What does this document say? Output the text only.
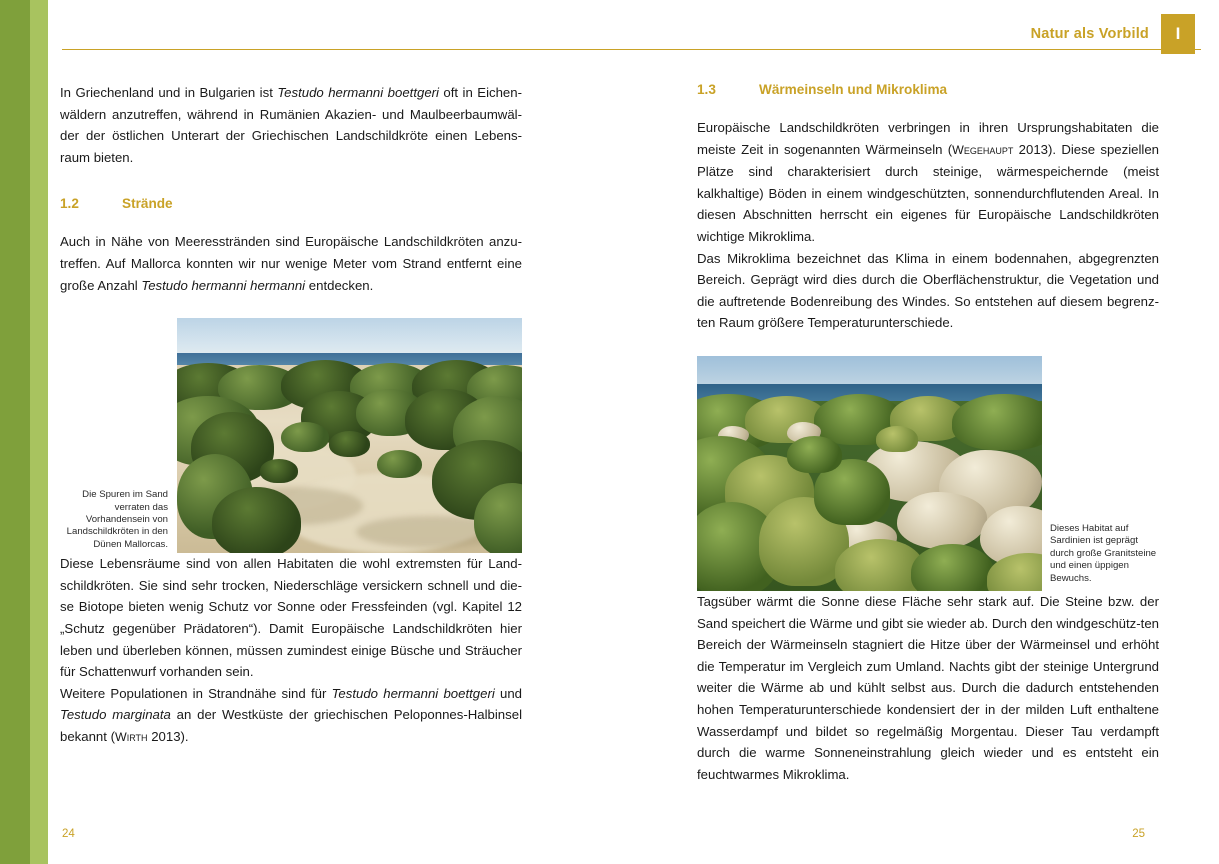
Natur als Vorbild	I

In Griechenland und in Bulgarien ist Testudo hermanni boettgeri oft in Eichen-wäldern anzutreffen, während in Rumänien Akazien- und Maulbeerbaumwäl-der der östlichen Unterart der Griechischen Landschildkröte einen Lebens-raum bieten.

1.2	Strände

Auch in Nähe von Meeresstränden sind Europäische Landschildkröten anzu-treffen. Auf Mallorca konnten wir nur wenige Meter vom Strand entfernt eine große Anzahl Testudo hermanni hermanni entdecken.

Die Spuren im Sand verraten das Vorhandensein von Landschildkröten in den Dünen Mallorcas.

Diese Lebensräume sind von allen Habitaten die wohl extremsten für Land-schildkröten. Sie sind sehr trocken, Niederschläge versickern schnell und die-se Biotope bieten wenig Schutz vor Sonne oder Fressfeinden (vgl. Kapitel 12 „Schutz gegenüber Prädatoren“). Damit Europäische Landschildkröten hier leben und überleben können, müssen zumindest einige Büsche und Sträucher für Schattenwurf vorhanden sein.

Weitere Populationen in Strandnähe sind für Testudo hermanni boettgeri und Testudo marginata an der Westküste der griechischen Peloponnes-Halbinsel bekannt (Wirth 2013).

1.3	Wärmeinseln und Mikroklima

Europäische Landschildkröten verbringen in ihren Ursprungshabitaten die meiste Zeit in sogenannten Wärmeinseln (Wegehaupt 2013). Diese speziellen Plätze sind charakterisiert durch steinige, wärmespeichernde (meist kalkhaltige) Böden in einem windgeschützten, sonnendurchflutenden Areal. In diesen Abschnitten herrscht ein eigenes für Europäische Landschildkröten wichtige Mikroklima.

Das Mikroklima bezeichnet das Klima in einem bodennahen, abgegrenzten Bereich. Geprägt wird dies durch die Oberflächenstruktur, die Vegetation und die auftretende Bodenreibung des Windes. So entstehen auf diesem begrenz-ten Raum größere Temperaturunterschiede.

Dieses Habitat auf Sardinien ist geprägt durch große Granitsteine und einen üppigen Bewuchs.

Tagsüber wärmt die Sonne diese Fläche sehr stark auf. Die Steine bzw. der Sand speichert die Wärme und gibt sie wieder ab. Durch den windgeschütz-ten Bereich der Wärmeinseln stagniert die Hitze über der Wärmeinsel und erhöht die Temperatur im Vergleich zum Umland. Nachts gibt der steinige Untergrund weiter die Wärme ab und kühlt selbst aus. Durch die dadurch entstehenden hohen Temperaturunterschiede kondensiert der in der milden Luft enthaltene Wasserdampf und bildet so regelmäßig Morgentau. Dieser Tau verdampft durch die warme Sonneneinstrahlung gleich wieder und es entsteht ein feuchtwarmes Mikroklima.

24	25
